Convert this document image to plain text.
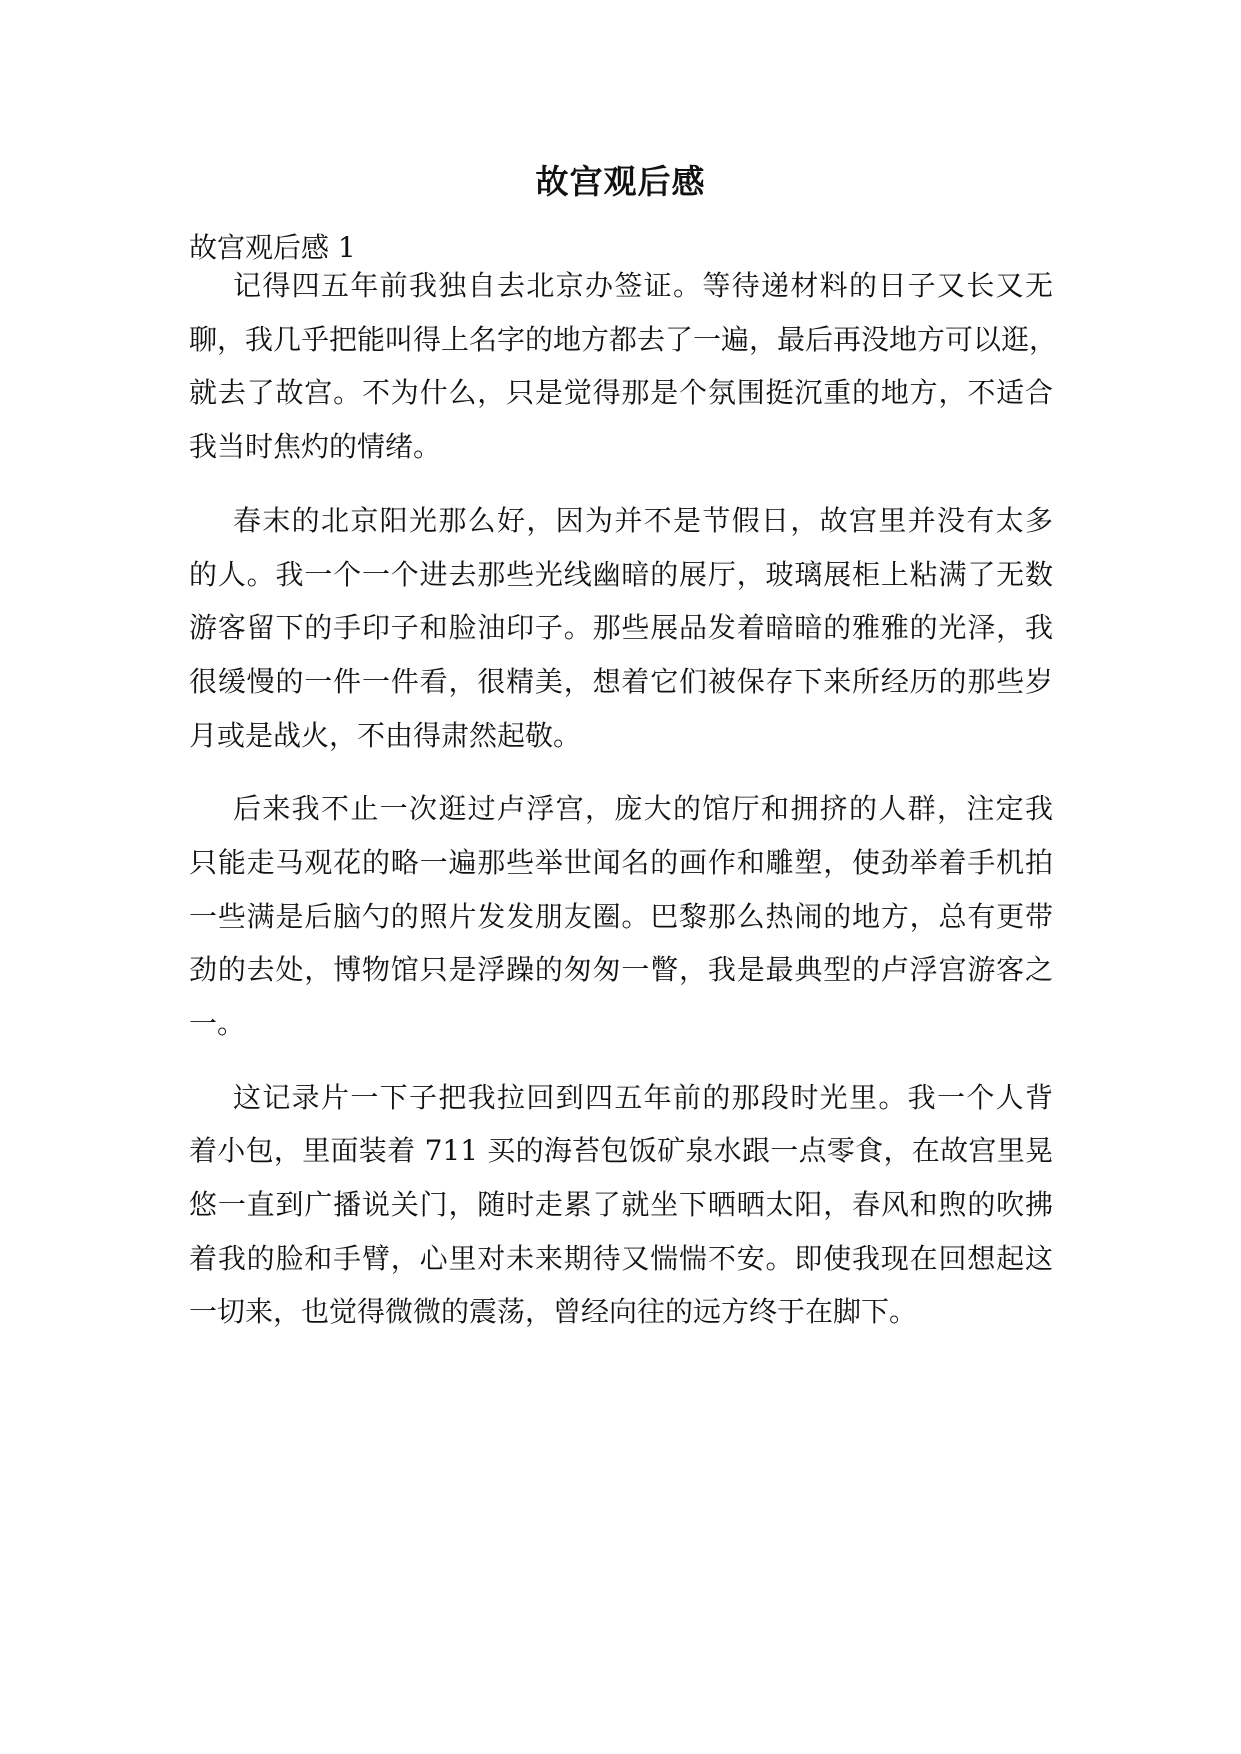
故宫观后感
故宫观后感 1

记得四五年前我独自去北京办签证。等待递材料的日子又长又无

聊，我几乎把能叫得上名字的地方都去了一遍，最后再没地方可以逛，

就去了故宫。不为什么，只是觉得那是个氛围挺沉重的地方，不适合

我当时焦灼的情绪。

春末的北京阳光那么好，因为并不是节假日，故宫里并没有太多

的人。我一个一个进去那些光线幽暗的展厅，玻璃展柜上粘满了无数

游客留下的手印子和脸油印子。那些展品发着暗暗的雅雅的光泽，我

很缓慢的一件一件看，很精美，想着它们被保存下来所经历的那些岁

月或是战火，不由得肃然起敬。

后来我不止一次逛过卢浮宫，庞大的馆厅和拥挤的人群，注定我

只能走马观花的略一遍那些举世闻名的画作和雕塑，使劲举着手机拍

一些满是后脑勺的照片发发朋友圈。巴黎那么热闹的地方，总有更带

劲的去处，博物馆只是浮躁的匆匆一瞥，我是最典型的卢浮宫游客之

一。

这记录片一下子把我拉回到四五年前的那段时光里。我一个人背

着小包，里面装着 711 买的海苔包饭矿泉水跟一点零食，在故宫里晃

悠一直到广播说关门，随时走累了就坐下晒晒太阳，春风和煦的吹拂

着我的脸和手臂，心里对未来期待又惴惴不安。即使我现在回想起这

一切来，也觉得微微的震荡，曾经向往的远方终于在脚下。
